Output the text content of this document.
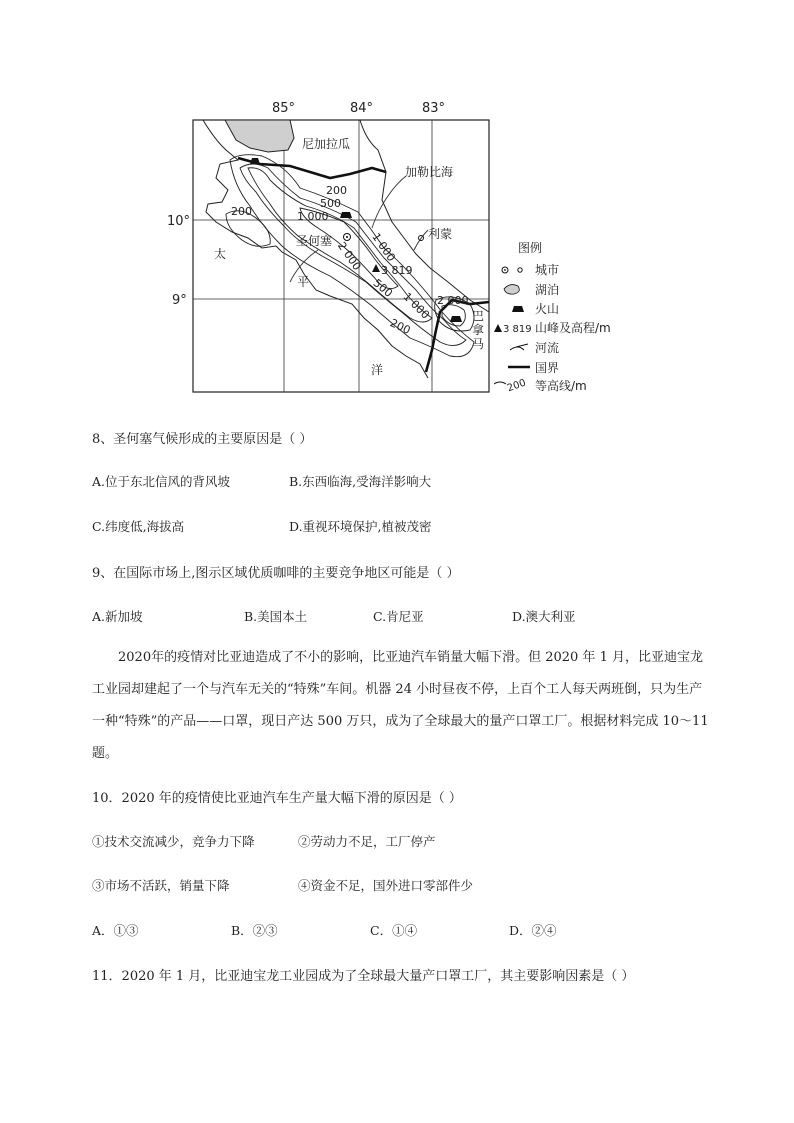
85°	84°	83°
10°
9°
3 819
尼加拉瓜
加勒比海
圣何塞	利蒙
巴
拿
马
太
平
洋
200
200
500
1 000
1 000
2 000
500
1 000 2 000
200
图例
城市
湖泊
火山
3 819 山峰及高程/m
河流
国界
200 等高线/m
8、圣何塞气候形成的主要原因是（ ）
A.位于东北信风的背风坡	B.东西临海,受海洋影响大
C.纬度低,海拔高	D.重视环境保护,植被茂密
9、在国际市场上,图示区域优质咖啡的主要竞争地区可能是（ ）
A.新加坡	B.美国本土	C.肯尼亚	D.澳大利亚
2020年的疫情对比亚迪造成了不小的影响，比亚迪汽车销量大幅下滑。但 2020 年 1 月，比亚迪宝龙工业园却建起了一个与汽车无关的“特殊”车间。机器 24 小时昼夜不停，上百个工人每天两班倒，只为生产一种“特殊”的产品——口罩，现日产达 500 万只，成为了全球最大的量产口罩工厂。根据材料完成 10～11 题。
10．2020 年的疫情使比亚迪汽车生产量大幅下滑的原因是（ ）
①技术交流减少，竞争力下降	②劳动力不足，工厂停产
③市场不活跃，销量下降	④资金不足，国外进口零部件少
A．①③	B．②③	C．①④	D．②④
11．2020 年 1 月，比亚迪宝龙工业园成为了全球最大量产口罩工厂，其主要影响因素是（ ）
